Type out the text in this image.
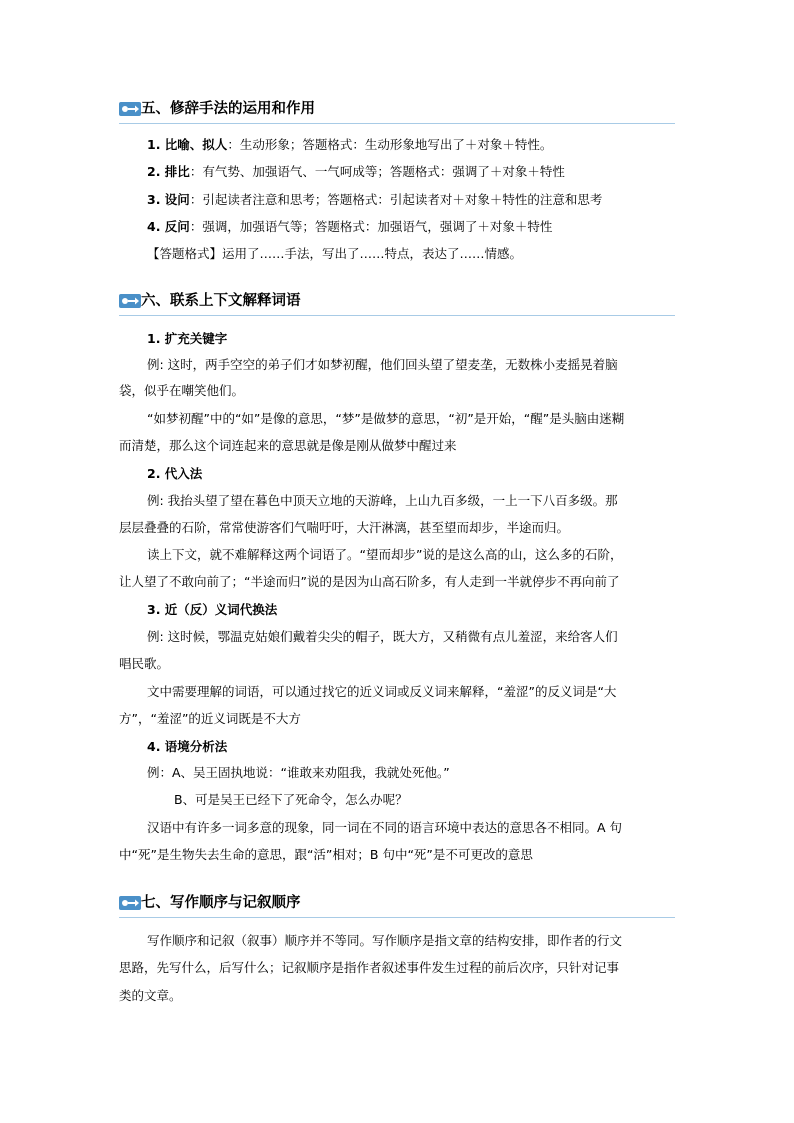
五、修辞手法的运用和作用
1. 比喻、拟人：生动形象；答题格式：生动形象地写出了＋对象＋特性。
2. 排比：有气势、加强语气、一气呵成等；答题格式：强调了＋对象＋特性
3. 设问：引起读者注意和思考；答题格式：引起读者对＋对象＋特性的注意和思考
4. 反问：强调，加强语气等；答题格式：加强语气，强调了＋对象＋特性
【答题格式】运用了……手法，写出了……特点，表达了……情感。
六、联系上下文解释词语
1. 扩充关键字
例: 这时，两手空空的弟子们才如梦初醒，他们回头望了望麦垄，无数株小麦摇晃着脑
袋，似乎在嘲笑他们。
“如梦初醒”中的“如”是像的意思，“梦”是做梦的意思，“初”是开始，“醒”是头脑由迷糊
而清楚，那么这个词连起来的意思就是像是刚从做梦中醒过来
2. 代入法
例: 我抬头望了望在暮色中顶天立地的天游峰，上山九百多级，一上一下八百多级。那
层层叠叠的石阶，常常使游客们气喘吁吁，大汗淋漓，甚至望而却步，半途而归。
读上下文，就不难解释这两个词语了。“望而却步”说的是这么高的山，这么多的石阶，
让人望了不敢向前了；“半途而归”说的是因为山高石阶多，有人走到一半就停步不再向前了
3. 近（反）义词代换法
例: 这时候，鄂温克姑娘们戴着尖尖的帽子，既大方，又稍微有点儿羞涩，来给客人们
唱民歌。
文中需要理解的词语，可以通过找它的近义词或反义词来解释，“羞涩”的反义词是“大
方”，“羞涩”的近义词既是不大方
4. 语境分析法
例：A、吴王固执地说：“谁敢来劝阻我，我就处死他。”
B、可是吴王已经下了死命令，怎么办呢？
汉语中有许多一词多意的现象，同一词在不同的语言环境中表达的意思各不相同。A 句
中“死”是生物失去生命的意思，跟“活”相对；B 句中“死”是不可更改的意思
七、写作顺序与记叙顺序
写作顺序和记叙（叙事）顺序并不等同。写作顺序是指文章的结构安排，即作者的行文
思路，先写什么，后写什么；记叙顺序是指作者叙述事件发生过程的前后次序，只针对记事
类的文章。
